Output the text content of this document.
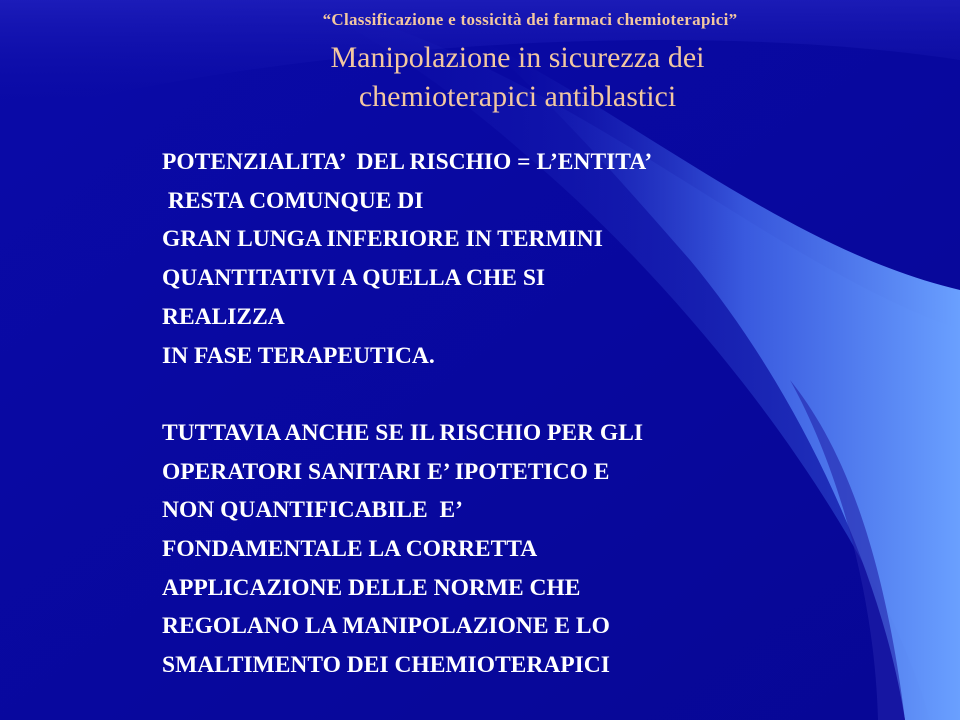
“Classificazione e tossicità dei farmaci chemioterapici”
Manipolazione in sicurezza dei
chemioterapici antiblastici
POTENZIALITA’  DEL RISCHIO = L’ENTITA’
RESTA COMUNQUE DI
GRAN LUNGA INFERIORE IN TERMINI
QUANTITATIVI A QUELLA CHE SI
REALIZZA
IN FASE TERAPEUTICA.
TUTTAVIA ANCHE SE IL RISCHIO PER GLI
OPERATORI SANITARI E’ IPOTETICO E
NON QUANTIFICABILE  E’
FONDAMENTALE LA CORRETTA
APPLICAZIONE DELLE NORME CHE
REGOLANO LA MANIPOLAZIONE E LO
SMALTIMENTO DEI CHEMIOTERAPICI
